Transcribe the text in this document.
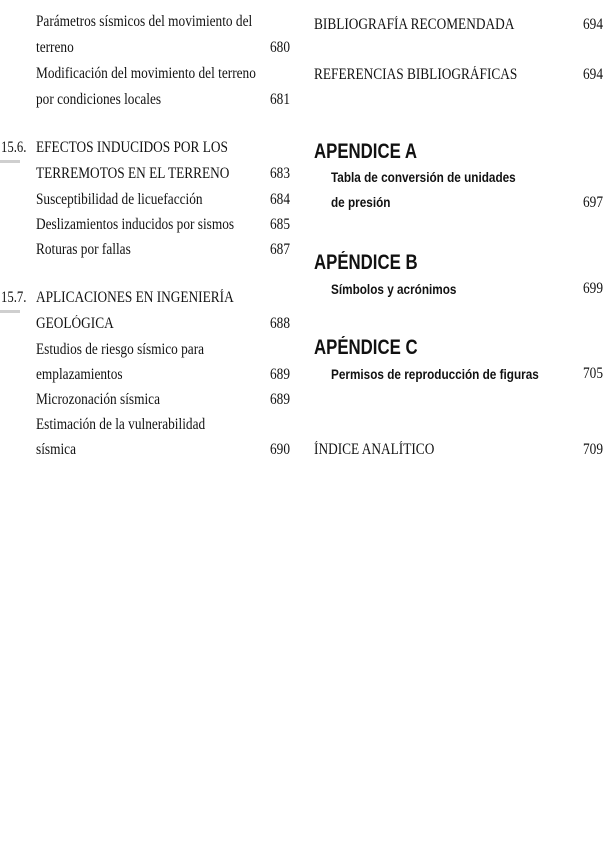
Parámetros sísmicos del movimiento del
terreno	680
Modificación del movimiento del terreno
por condiciones locales	681
15.6. EFECTOS INDUCIDOS POR LOS
TERREMOTOS EN EL TERRENO	683
Susceptibilidad de licuefacción	684
Deslizamientos inducidos por sismos 685
Roturas por fallas	687
15.7. APLICACIONES EN INGENIERÍA
GEOLÓGICA	688
Estudios de riesgo sísmico para
emplazamientos	689
Microzonación sísmica	689
Estimación de la vulnerabilidad
sísmica	690
BIBLIOGRAFÍA RECOMENDADA	694
REFERENCIAS BIBLIOGRÁFICAS	694
APENDICE A
Tabla de conversión de unidades
de presión	697
APÉNDICE B
Símbolos y acrónimos	699
APÉNDICE C
Permisos de reproducción de figuras	705
ÍNDICE ANALÍTICO	709
